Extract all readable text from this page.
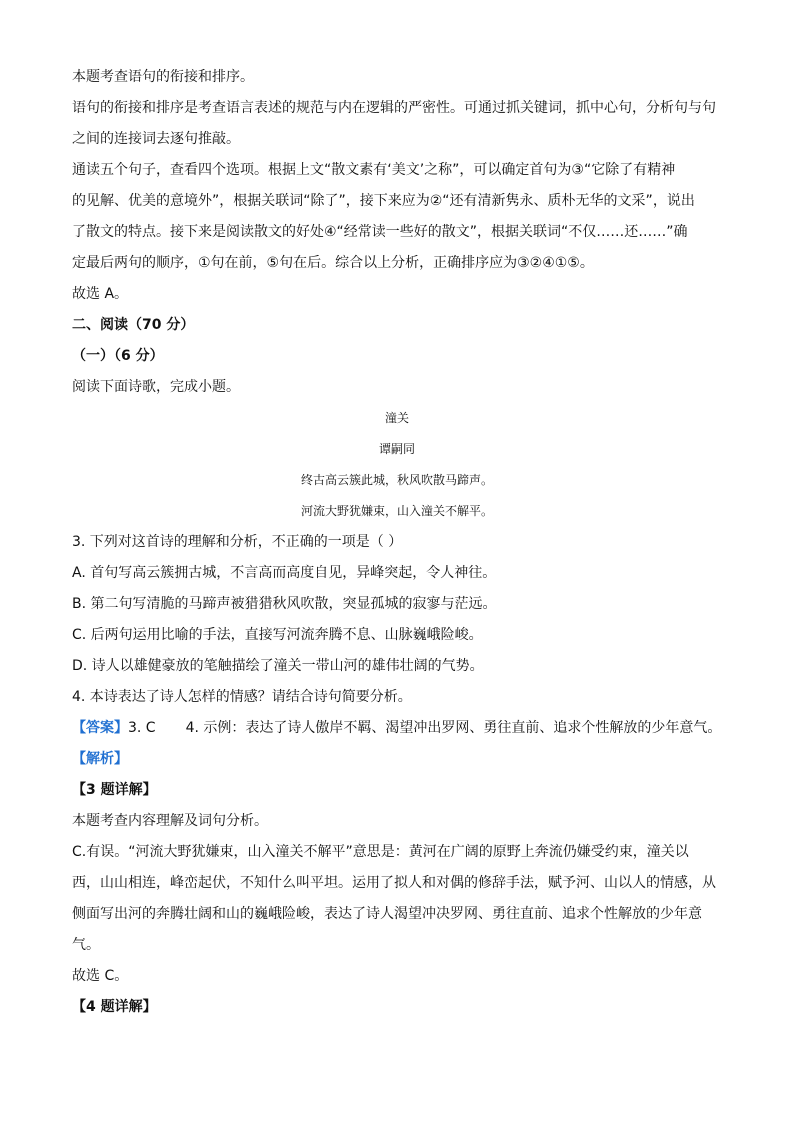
本题考查语句的衔接和排序。

语句的衔接和排序是考查语言表述的规范与内在逻辑的严密性。可通过抓关键词，抓中心句，分析句与句

之间的连接词去逐句推敲。

通读五个句子，查看四个选项。根据上文“散文素有‘美文’之称”，可以确定首句为③“它除了有精神

的见解、优美的意境外”，根据关联词“除了”，接下来应为②“还有清新隽永、质朴无华的文采”，说出

了散文的特点。接下来是阅读散文的好处④“经常读一些好的散文”，根据关联词“不仅……还……”确

定最后两句的顺序，①句在前，⑤句在后。综合以上分析，正确排序应为③②④①⑤。

故选 A。

二、阅读（70 分）

（一）（6 分）

阅读下面诗歌，完成小题。

潼关

谭嗣同

终古高云簇此城，秋风吹散马蹄声。

河流大野犹嫌束，山入潼关不解平。

3. 下列对这首诗的理解和分析，不正确的一项是（ ）

A. 首句写高云簇拥古城，不言高而高度自见，异峰突起，令人神往。

B. 第二句写清脆的马蹄声被猎猎秋风吹散，突显孤城的寂寥与茫远。

C. 后两句运用比喻的手法，直接写河流奔腾不息、山脉巍峨险峻。

D. 诗人以雄健豪放的笔触描绘了潼关一带山河的雄伟壮阔的气势。

4. 本诗表达了诗人怎样的情感？请结合诗句简要分析。

【答案】3. C 4. 示例：表达了诗人傲岸不羁、渴望冲出罗网、勇往直前、追求个性解放的少年意气。

【解析】

【3 题详解】

本题考查内容理解及词句分析。

C.有误。“河流大野犹嫌束，山入潼关不解平”意思是：黄河在广阔的原野上奔流仍嫌受约束，潼关以

西，山山相连，峰峦起伏，不知什么叫平坦。运用了拟人和对偶的修辞手法，赋予河、山以人的情感，从

侧面写出河的奔腾壮阔和山的巍峨险峻，表达了诗人渴望冲决罗网、勇往直前、追求个性解放的少年意

气。

故选 C。

【4 题详解】
